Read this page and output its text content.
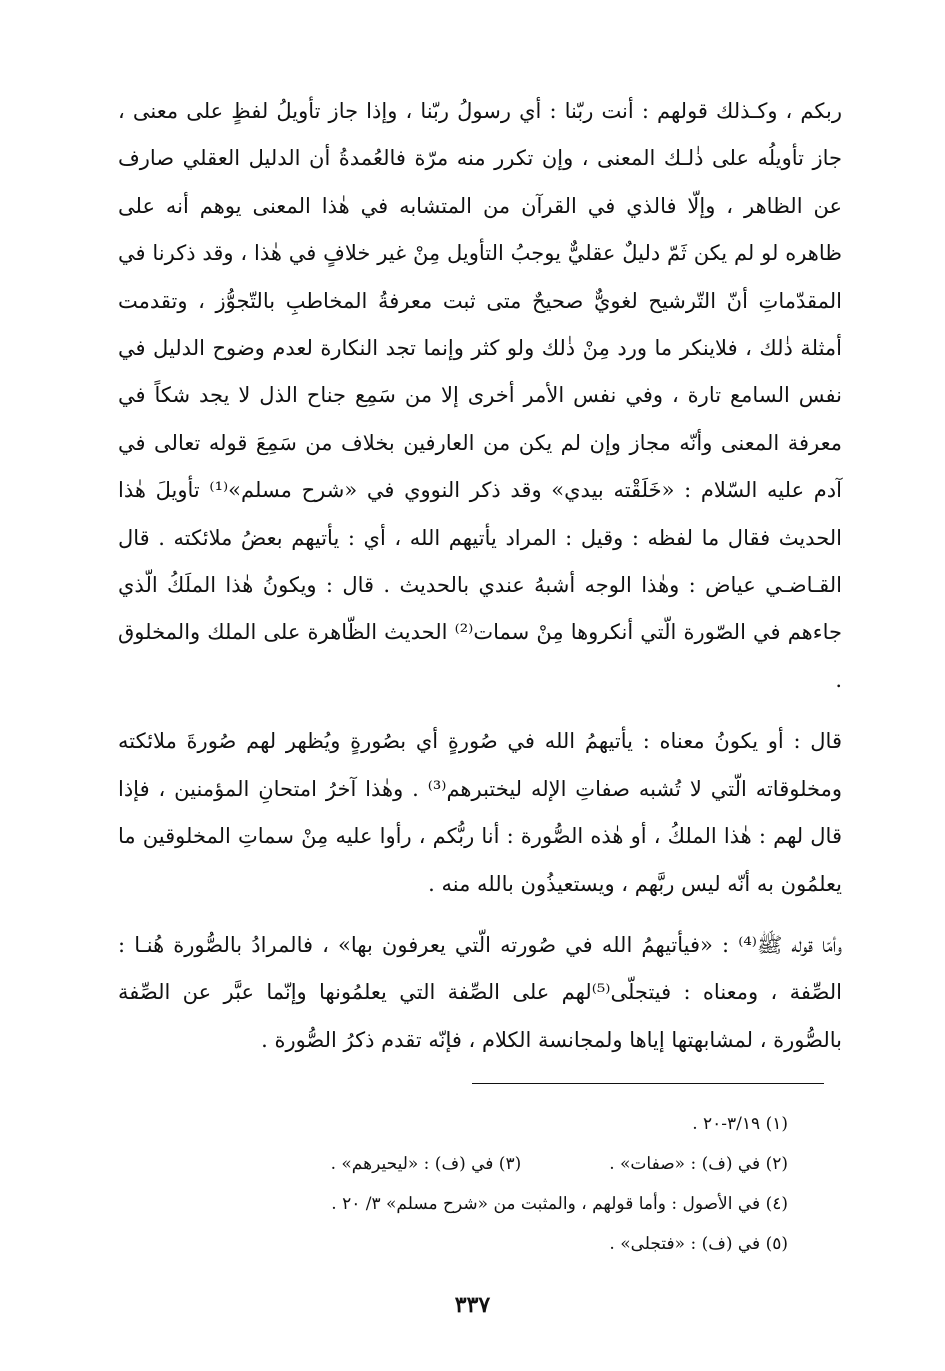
ربكم ، وكـذلك قولهم : أنت ربّنا : أي رسولُ ربّنا ، وإذا جاز تأويلُ لفظٍ على معنى ، جاز تأويلُه على ذٰلـك المعنى ، وإن تكرر منه مرّة فالعُمدةُ أن الدليل العقلي صارف عن الظاهر ، وإلّا فالذي في القرآن من المتشابه في هٰذا المعنى يوهم أنه على ظاهره لو لم يكن ثَمّ دليلٌ عقليٌّ يوجبُ التأويل مِنْ غير خلافٍ في هٰذا ، وقد ذكرنا في المقدّماتِ أنّ التّرشيح لغويٌّ صحيحٌ متى ثبت معرفةُ المخاطبِ بالتّجوُّز ، وتقدمت أمثلة ذٰلك ، فلاينكر ما ورد مِنْ ذٰلك ولو كثر وإنما تجد النكارة لعدم وضوح الدليل في نفس السامع تارة ، وفي نفس الأمر أخرى إلا من سَمِع جناح الذل لا يجد شكاً في معرفة المعنى وأنّه مجاز وإن لم يكن من العارفين بخلاف من سَمِعَ قوله تعالى في آدم عليه السّلام : «خَلَقْته بيدي» وقد ذكر النووي في «شرح مسلم»⁽¹⁾ تأويلَ هٰذا الحديث فقال ما لفظه : وقيل : المراد يأتيهم الله ، أي : يأتيهم بعضُ ملائكته . قال القـاضـي عياض : وهٰذا الوجه أشبهُ عندي بالحديث . قال : ويكونُ هٰذا الملَكُ الّذي جاءهم في الصّورة الّتي أنكروها مِنْ سمات⁽²⁾ الحديث الظّاهرة على الملك والمخلوق .

قال : أو يكونُ معناه : يأتيهمُ الله في صُورةٍ أي بصُورةٍ ويُظهر لهم صُورةَ ملائكته ومخلوقاته الّتي لا تُشبه صفاتِ الإله ليختبرهم⁽³⁾ . وهٰذا آخرُ امتحانِ المؤمنين ، فإذا قال لهم : هٰذا الملكُ ، أو هٰذه الصُّورة : أنا ربُّكم ، رأوا عليه مِنْ سماتِ المخلوقين ما يعلمُون به أنّه ليس ربَّهم ، ويستعيذُون بالله منه .

وأمّا قوله ﷺ⁽⁴⁾ : «فيأتيهمُ الله في صُورته الّتي يعرفون بها» ، فالمرادُ بالصُّورة هُنـا : الصِّفة ، ومعناه : فيتجلّى⁽⁵⁾لهم على الصِّفة التي يعلمُونها وإنّما عبَّر عن الصِّفة بالصُّورة ، لمشابهتها إياها ولمجانسة الكلام ، فإنّه تقدم ذكرُ الصُّورة .

(١) ٣/١٩-٢٠ .
(٢) في (ف) : «صفات» .
(٣) في (ف) : «ليحيرهم» .
(٤) في الأصول : وأما قولهم ، والمثبت من «شرح مسلم» ٣/ ٢٠ .
(٥) في (ف) : «فتجلى» .
٣٣٧
